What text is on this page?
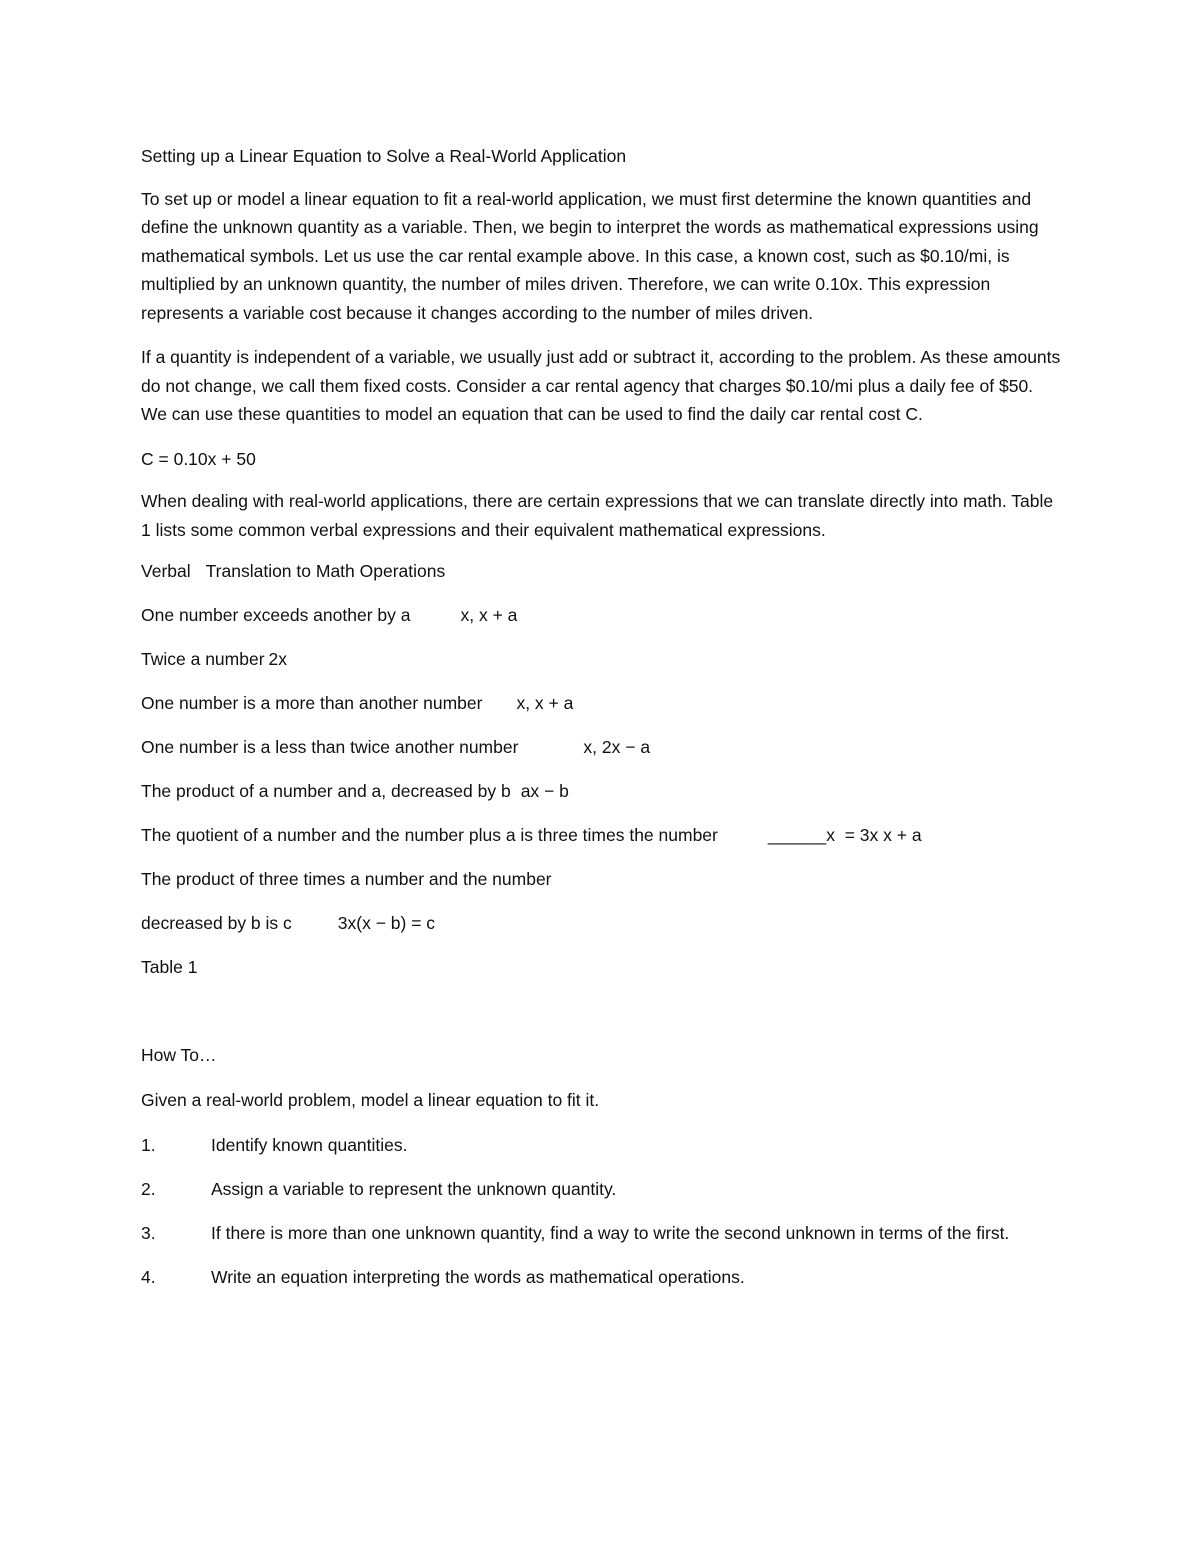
Setting up a Linear Equation to Solve a Real-World Application

To set up or model a linear equation to fit a real-world application, we must first determine the known quantities and define the unknown quantity as a variable. Then, we begin to interpret the words as mathematical expressions using mathematical symbols. Let us use the car rental example above. In this case, a known cost, such as $0.10/mi, is multiplied by an unknown quantity, the number of miles driven. Therefore, we can write 0.10x. This expression represents a variable cost because it changes according to the number of miles driven.

If a quantity is independent of a variable, we usually just add or subtract it, according to the problem. As these amounts do not change, we call them fixed costs. Consider a car rental agency that charges $0.10/mi plus a daily fee of $50. We can use these quantities to model an equation that can be used to find the daily car rental cost C.

C = 0.10x + 50

When dealing with real-world applications, there are certain expressions that we can translate directly into math. Table 1 lists some common verbal expressions and their equivalent mathematical expressions.

Verbal Translation to Math Operations
One number exceeds another by a	x, x + a
Twice a number 2x
One number is a more than another number x, x + a
One number is a less than twice another number	x, 2x − a
The product of a number and a, decreased by b ax − b
The quotient of a number and the number plus a is three times the number	______x  = 3x x + a
The product of three times a number and the number
decreased by b is c	3x(x − b) = c
Table 1
How To…

Given a real-world problem, model a linear equation to fit it.

1.	Identify known quantities.
2.	Assign a variable to represent the unknown quantity.
3.	If there is more than one unknown quantity, find a way to write the second unknown in terms of the first.
4.	Write an equation interpreting the words as mathematical operations.
